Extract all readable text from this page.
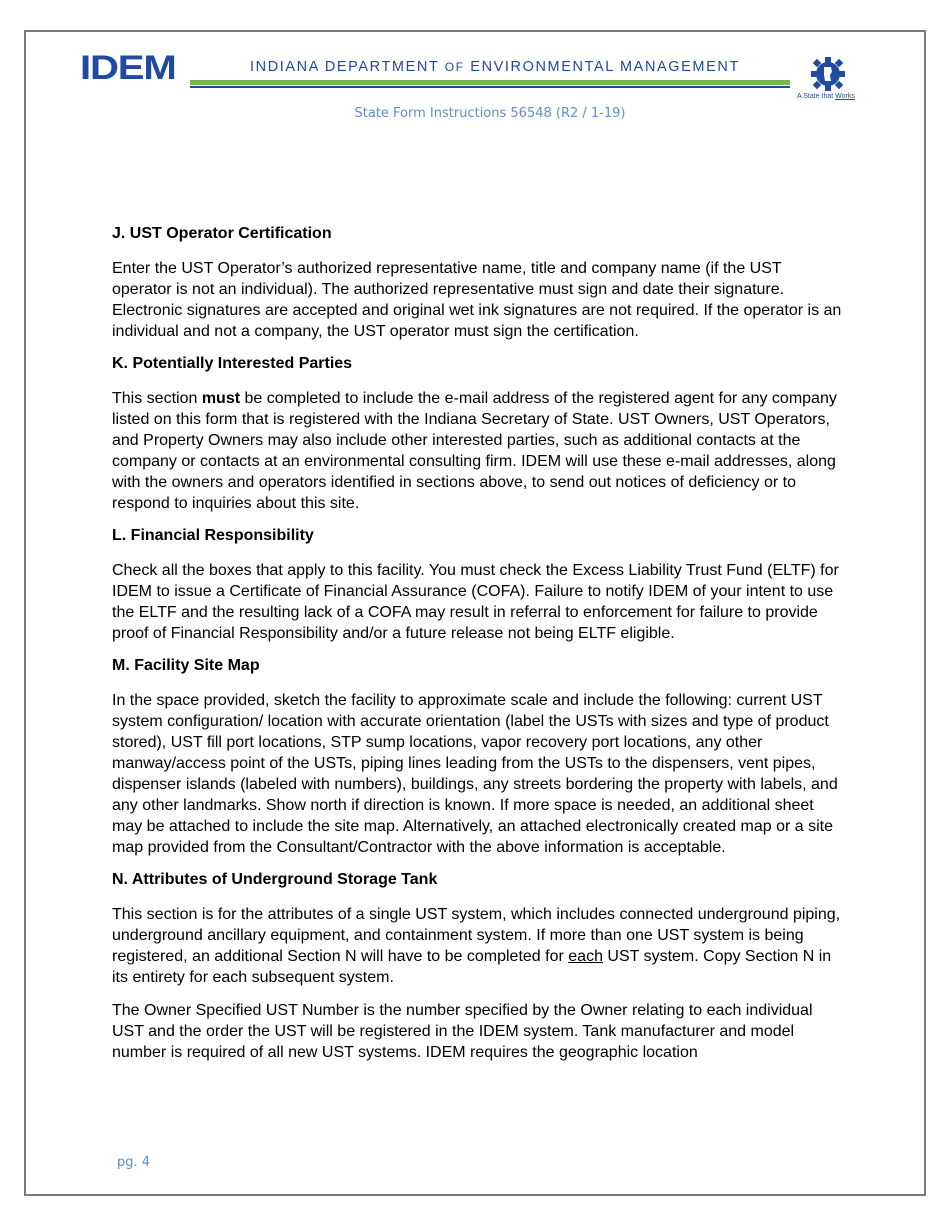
IDEM	INDIANA DEPARTMENT OF ENVIRONMENTAL MANAGEMENT
A State that Works
State Form Instructions 56548 (R2 / 1-19)
J. UST Operator Certification

Enter the UST Operator’s authorized representative name, title and company name (if the UST operator is not an individual). The authorized representative must sign and date their signature. Electronic signatures are accepted and original wet ink signatures are not required. If the operator is an individual and not a company, the UST operator must sign the certification.

K. Potentially Interested Parties

This section must be completed to include the e-mail address of the registered agent for any company listed on this form that is registered with the Indiana Secretary of State. UST Owners, UST Operators, and Property Owners may also include other interested parties, such as additional contacts at the company or contacts at an environmental consulting firm. IDEM will use these e-mail addresses, along with the owners and operators identified in sections above, to send out notices of deficiency or to respond to inquiries about this site.

L. Financial Responsibility

Check all the boxes that apply to this facility. You must check the Excess Liability Trust Fund (ELTF) for IDEM to issue a Certificate of Financial Assurance (COFA). Failure to notify IDEM of your intent to use the ELTF and the resulting lack of a COFA may result in referral to enforcement for failure to provide proof of Financial Responsibility and/or a future release not being ELTF eligible.

M. Facility Site Map

In the space provided, sketch the facility to approximate scale and include the following: current UST system configuration/ location with accurate orientation (label the USTs with sizes and type of product stored), UST fill port locations, STP sump locations, vapor recovery port locations, any other manway/access point of the USTs, piping lines leading from the USTs to the dispensers, vent pipes, dispenser islands (labeled with numbers), buildings, any streets bordering the property with labels, and any other landmarks. Show north if direction is known. If more space is needed, an additional sheet may be attached to include the site map. Alternatively, an attached electronically created map or a site map provided from the Consultant/Contractor with the above information is acceptable.

N. Attributes of Underground Storage Tank

This section is for the attributes of a single UST system, which includes connected underground piping, underground ancillary equipment, and containment system. If more than one UST system is being registered, an additional Section N will have to be completed for each UST system. Copy Section N in its entirety for each subsequent system.

The Owner Specified UST Number is the number specified by the Owner relating to each individual UST and the order the UST will be registered in the IDEM system. Tank manufacturer and model number is required of all new UST systems. IDEM requires the geographic location

pg. 4
